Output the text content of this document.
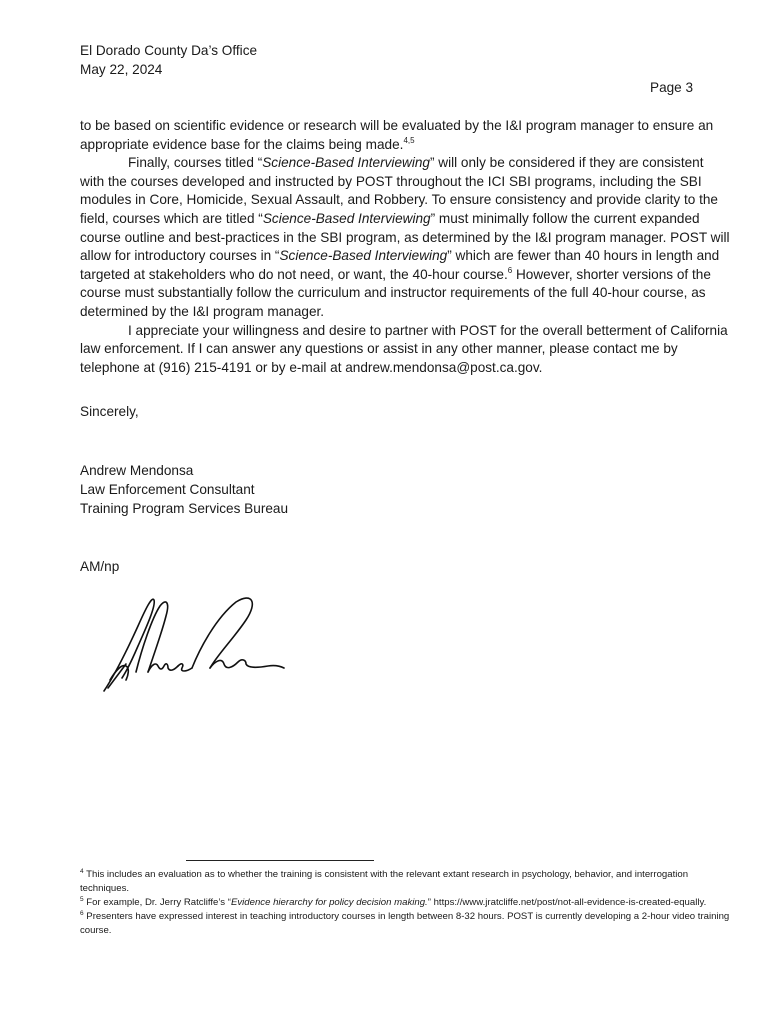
El Dorado County Da’s Office
May 22, 2024
Page 3

to be based on scientific evidence or research will be evaluated by the I&I program manager to ensure an appropriate evidence base for the claims being made.$^{4,5}$

Finally, courses titled “Science-Based Interviewing” will only be considered if they are consistent with the courses developed and instructed by POST throughout the ICI SBI programs, including the SBI modules in Core, Homicide, Sexual Assault, and Robbery. To ensure consistency and provide clarity to the field, courses which are titled “Science-Based Interviewing” must minimally follow the current expanded course outline and best-practices in the SBI program, as determined by the I&I program manager. POST will allow for introductory courses in “Science-Based Interviewing” which are fewer than 40 hours in length and targeted at stakeholders who do not need, or want, the 40-hour course.$^6$ However, shorter versions of the course must substantially follow the curriculum and instructor requirements of the full 40-hour course, as determined by the I&I program manager.

I appreciate your willingness and desire to partner with POST for the overall betterment of California law enforcement. If I can answer any questions or assist in any other manner, please contact me by telephone at (916) 215-4191 or by e-mail at andrew.mendonsa@post.ca.gov.

Sincerely,
Andrew Mendonsa
Law Enforcement Consultant
Training Program Services Bureau
AM/np

$^4$ This includes an evaluation as to whether the training is consistent with the relevant extant research in psychology, behavior, and interrogation techniques.

$^5$ For example, Dr. Jerry Ratcliffe’s “Evidence hierarchy for policy decision making.” https://www.jratcliffe.net/post/not-all-evidence-is-created-equally.

$^6$ Presenters have expressed interest in teaching introductory courses in length between 8-32 hours. POST is currently developing a 2-hour video training course.
